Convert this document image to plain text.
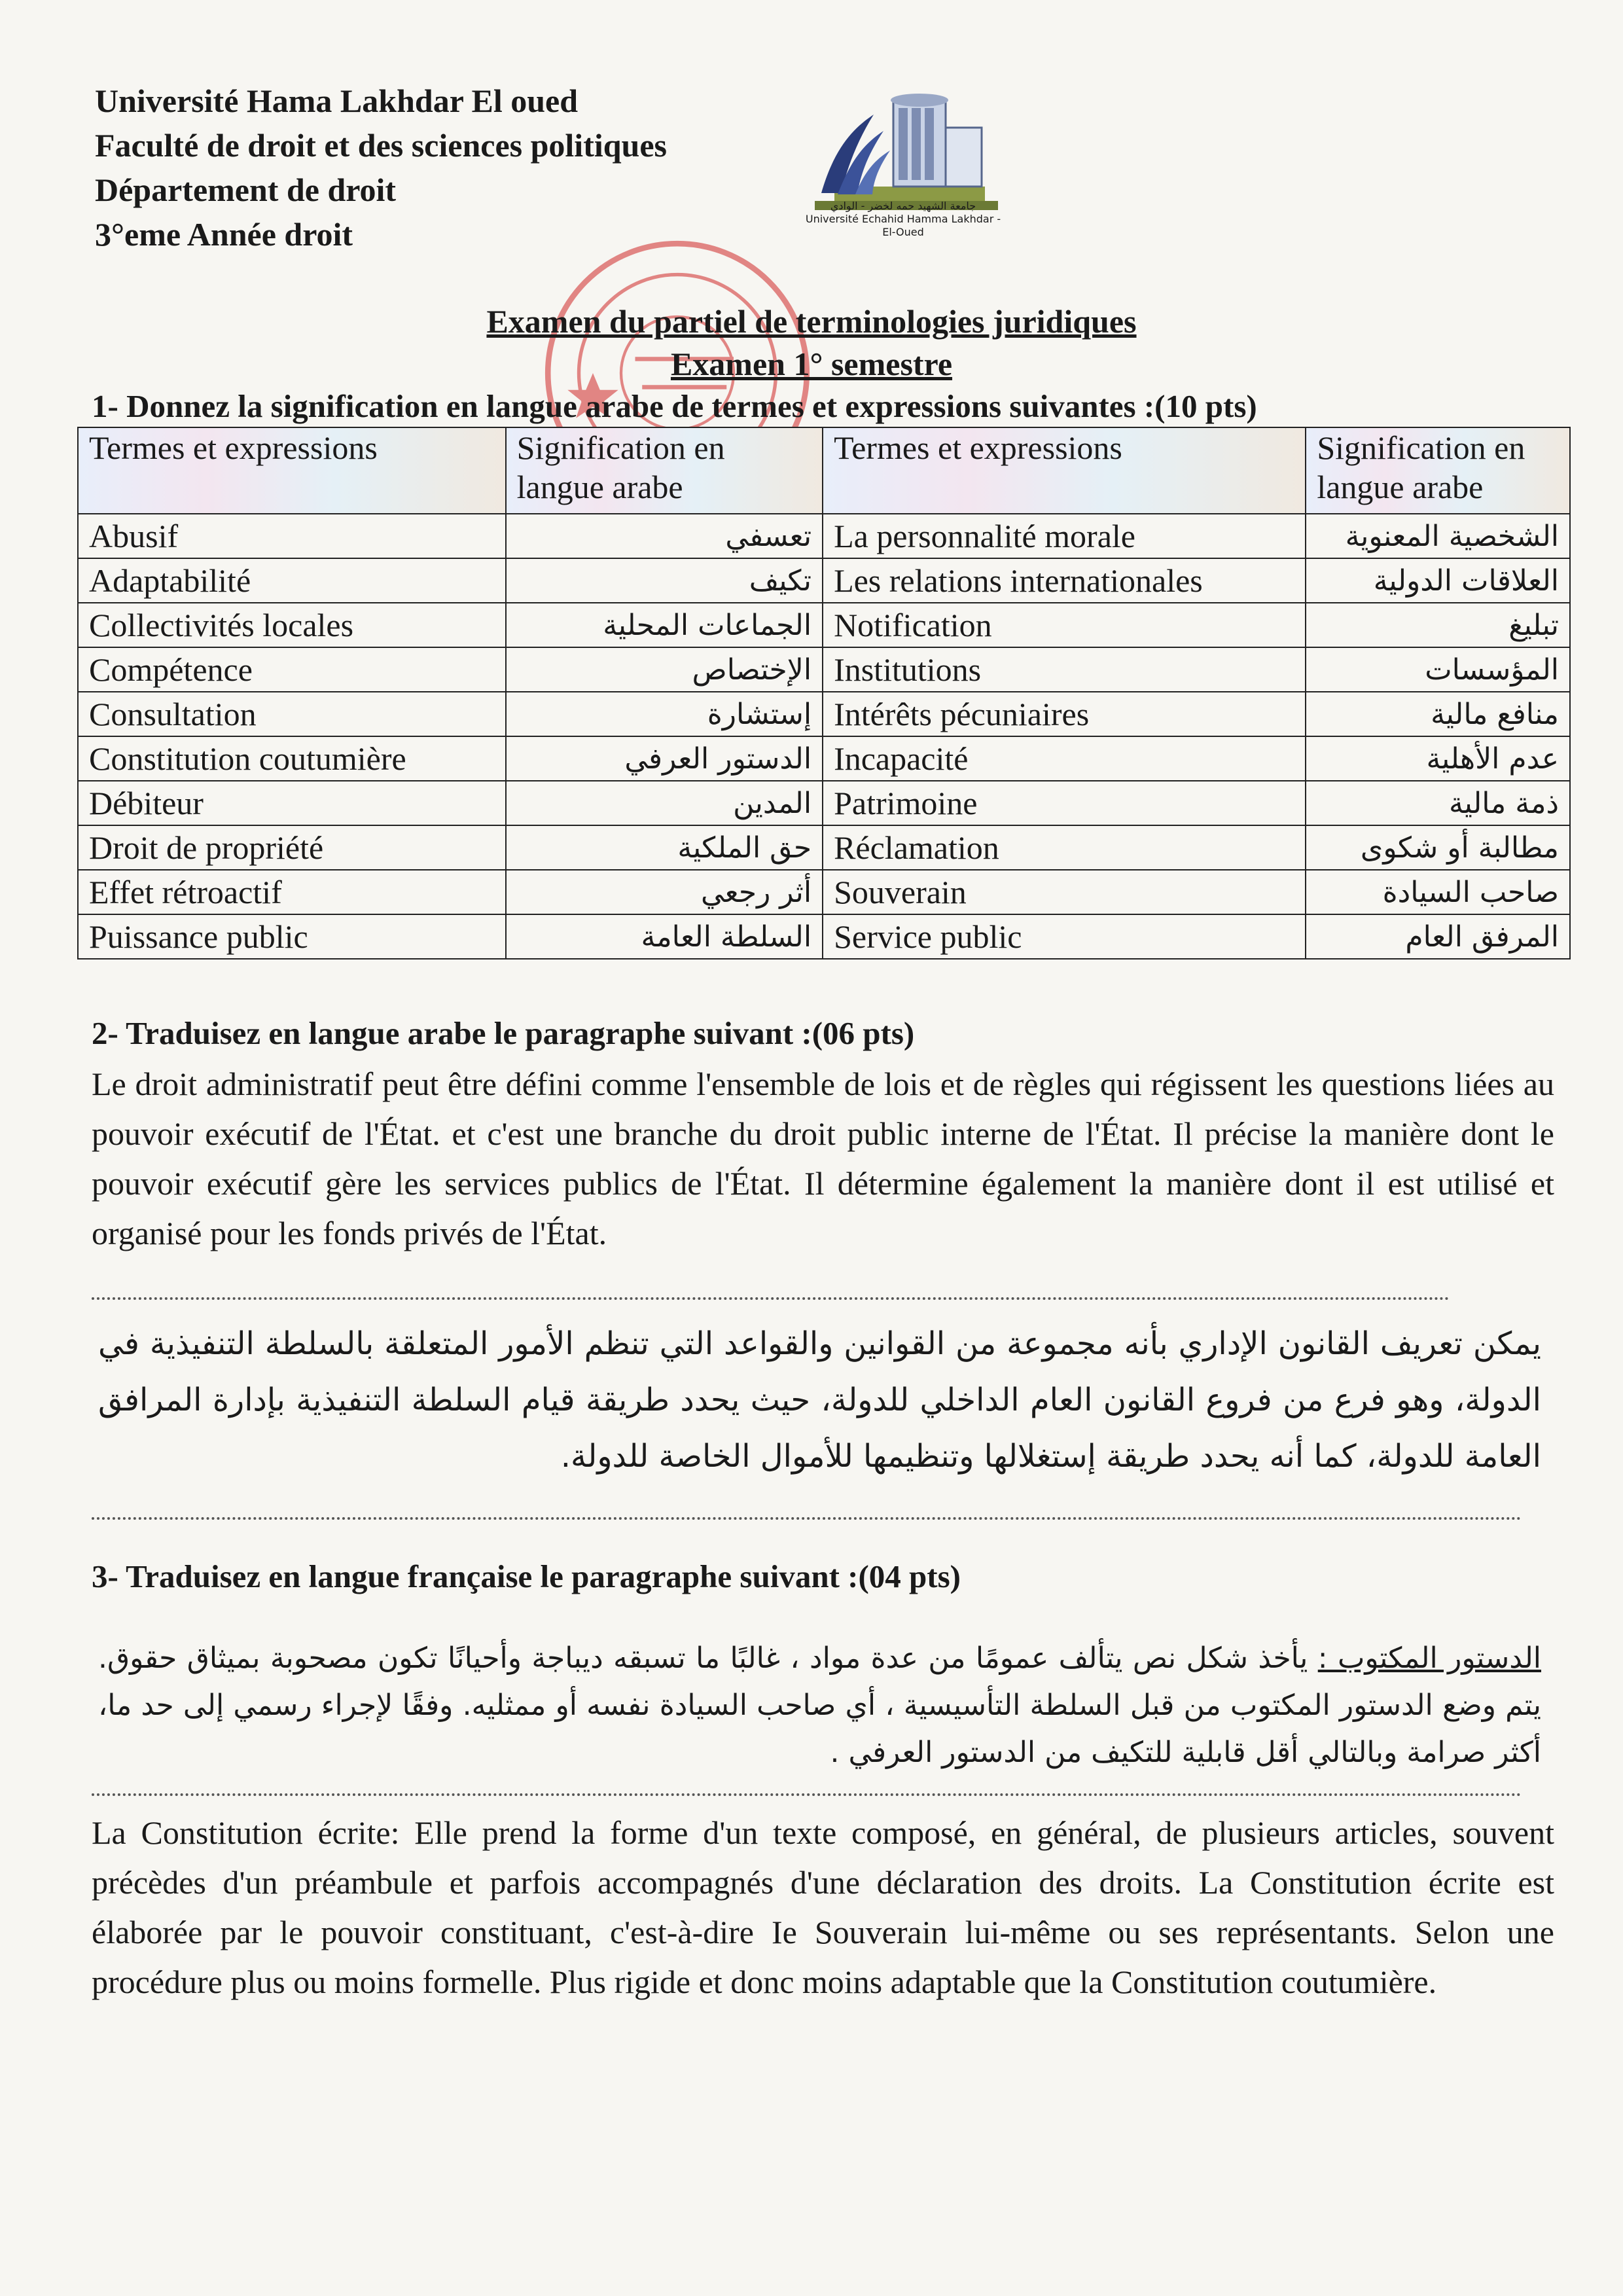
Université Hama Lakhdar El oued
Faculté de droit et des sciences politiques
Département de droit
3°eme Année droit
جامعة الشهيد حمه لخضر - الوادي
Université Echahid Hamma Lakhdar - El-Oued
Examen du partiel de terminologies juridiques
Examen 1° semestre
1- Donnez la signification en langue arabe de termes et expressions suivantes :(10 pts)
Termes et expressions	Signification en langue arabe	Termes et expressions	Signification en langue arabe
Abusif	تعسفي	La personnalité morale	الشخصية المعنوية
Adaptabilité	تكيف	Les relations internationales	العلاقات الدولية
Collectivités locales	الجماعات المحلية	Notification	تبليغ
Compétence	الإختصاص	Institutions	المؤسسات
Consultation	إستشارة	Intérêts pécuniaires	منافع مالية
Constitution coutumière	الدستور العرفي	Incapacité	عدم الأهلية
Débiteur	المدين	Patrimoine	ذمة مالية
Droit de propriété	حق الملكية	Réclamation	مطالبة أو شكوى
Effet rétroactif	أثر رجعي	Souverain	صاحب السيادة
Puissance public	السلطة العامة	Service public	المرفق العام
2- Traduisez en langue arabe le paragraphe suivant :(06 pts)
Le droit administratif peut être défini comme l'ensemble de lois et de règles qui régissent les questions liées au pouvoir exécutif de l'État. et c'est une branche du droit public interne de l'État. Il précise la manière dont le pouvoir exécutif gère les services publics de l'État. Il détermine également la manière dont il est utilisé et organisé pour les fonds privés de l'État.
يمكن تعريف القانون الإداري بأنه مجموعة من القوانين والقواعد التي تنظم الأمور المتعلقة بالسلطة التنفيذية في الدولة، وهو فرع من فروع القانون العام الداخلي للدولة، حيث يحدد طريقة قيام السلطة التنفيذية بإدارة المرافق العامة للدولة، كما أنه يحدد طريقة إستغلالها وتنظيمها للأموال الخاصة للدولة.
3- Traduisez en langue française le paragraphe suivant :(04 pts)
الدستور المكتوب : يأخذ شكل نص يتألف عمومًا من عدة مواد ، غالبًا ما تسبقه ديباجة وأحيانًا تكون مصحوبة بميثاق حقوق. يتم وضع الدستور المكتوب من قبل السلطة التأسيسية ، أي صاحب السيادة نفسه أو ممثليه. وفقًا لإجراء رسمي إلى حد ما، أكثر صرامة وبالتالي أقل قابلية للتكيف من الدستور العرفي .
La Constitution écrite: Elle prend la forme d'un texte composé, en général, de plusieurs articles, souvent précèdes d'un préambule et parfois accompagnés d'une déclaration des droits. La Constitution écrite est élaborée par le pouvoir constituant, c'est-à-dire Ie Souverain lui-même ou ses représentants. Selon une procédure plus ou moins formelle. Plus rigide et donc moins adaptable que la Constitution coutumière.
